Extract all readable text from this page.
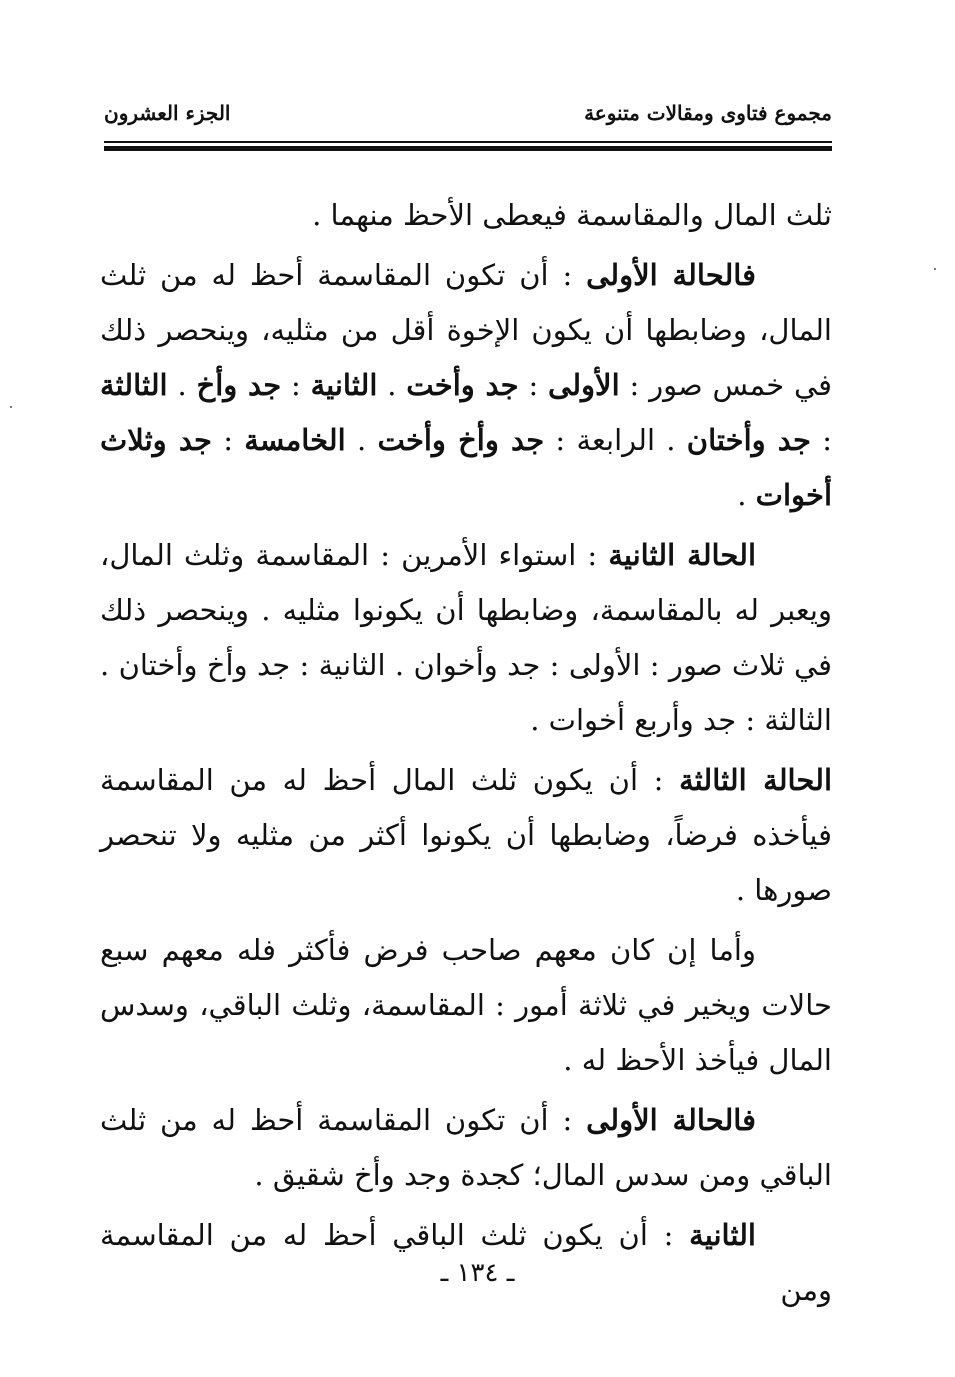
مجموع فتاوى ومقالات متنوعة
الجزء العشرون

ثلث المال والمقاسمة فيعطى الأحظ منهما .

فالحالة الأولى : أن تكون المقاسمة أحظ له من ثلث المال، وضابطها أن يكون الإخوة أقل من مثليه، وينحصر ذلك في خمس صور : الأولى : جد وأخت . الثانية : جد وأخ . الثالثة : جد وأختان . الرابعة : جد وأخ وأخت . الخامسة : جد وثلاث أخوات .

الحالة الثانية : استواء الأمرين : المقاسمة وثلث المال، ويعبر له بالمقاسمة، وضابطها أن يكونوا مثليه . وينحصر ذلك في ثلاث صور : الأولى : جد وأخوان . الثانية : جد وأخ وأختان . الثالثة : جد وأربع أخوات .

الحالة الثالثة : أن يكون ثلث المال أحظ له من المقاسمة فيأخذه فرضاً، وضابطها أن يكونوا أكثر من مثليه ولا تنحصر صورها .

وأما إن كان معهم صاحب فرض فأكثر فله معهم سبع حالات ويخير في ثلاثة أمور : المقاسمة، وثلث الباقي، وسدس المال فيأخذ الأحظ له .

فالحالة الأولى : أن تكون المقاسمة أحظ له من ثلث الباقي ومن سدس المال؛ كجدة وجد وأخ شقيق .

الثانية : أن يكون ثلث الباقي أحظ له من المقاسمة ومن

ـ ١٣٤ ـ
